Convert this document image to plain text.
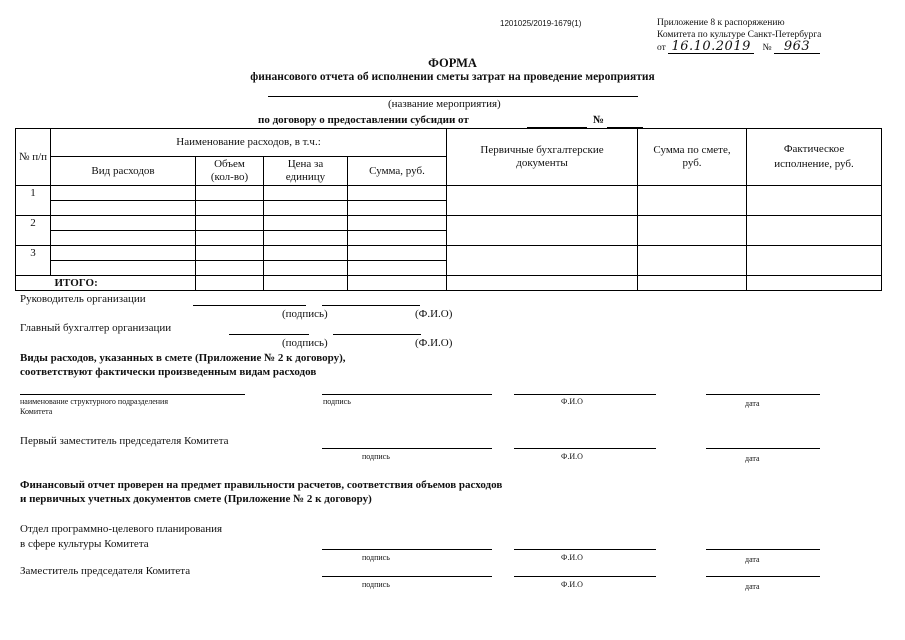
1201025/2019-1679(1)	Приложение 8 к распоряжению
Комитета по культуре Санкт-Петербурга
от 16.10.2019 № 963
ФОРМА
финансового отчета об исполнении сметы затрат на проведение мероприятия
(название мероприятия)
по договору о предоставлении субсидии от	№
№ п/п	Наименование расходов, в т.ч.:				Первичные бухгалтерские документы	Сумма по смете, руб.	Фактическое исполнение, руб.
	Вид расходов	Объем (кол-во)	Цена за единицу	Сумма, руб.			
1							

2							

3							

	ИТОГО:						
Руководитель организации
(подпись)	(Ф.И.О)
Главный бухгалтер организации
(подпись)	(Ф.И.О)
Виды расходов, указанных в смете (Приложение № 2 к договору),
соответствуют фактически произведенным видам расходов
наименование структурного подразделения
Комитета
подпись	Ф.И.О	дата
Первый заместитель председателя Комитета
подпись	Ф.И.О	дата
Финансовый отчет проверен на предмет правильности расчетов, соответствия объемов расходов
и первичных учетных документов смете (Приложение № 2 к договору)
Отдел программно-целевого планирования
в сфере культуры Комитета
подпись	Ф.И.О	дата
Заместитель председателя Комитета
подпись	Ф.И.О	дата
